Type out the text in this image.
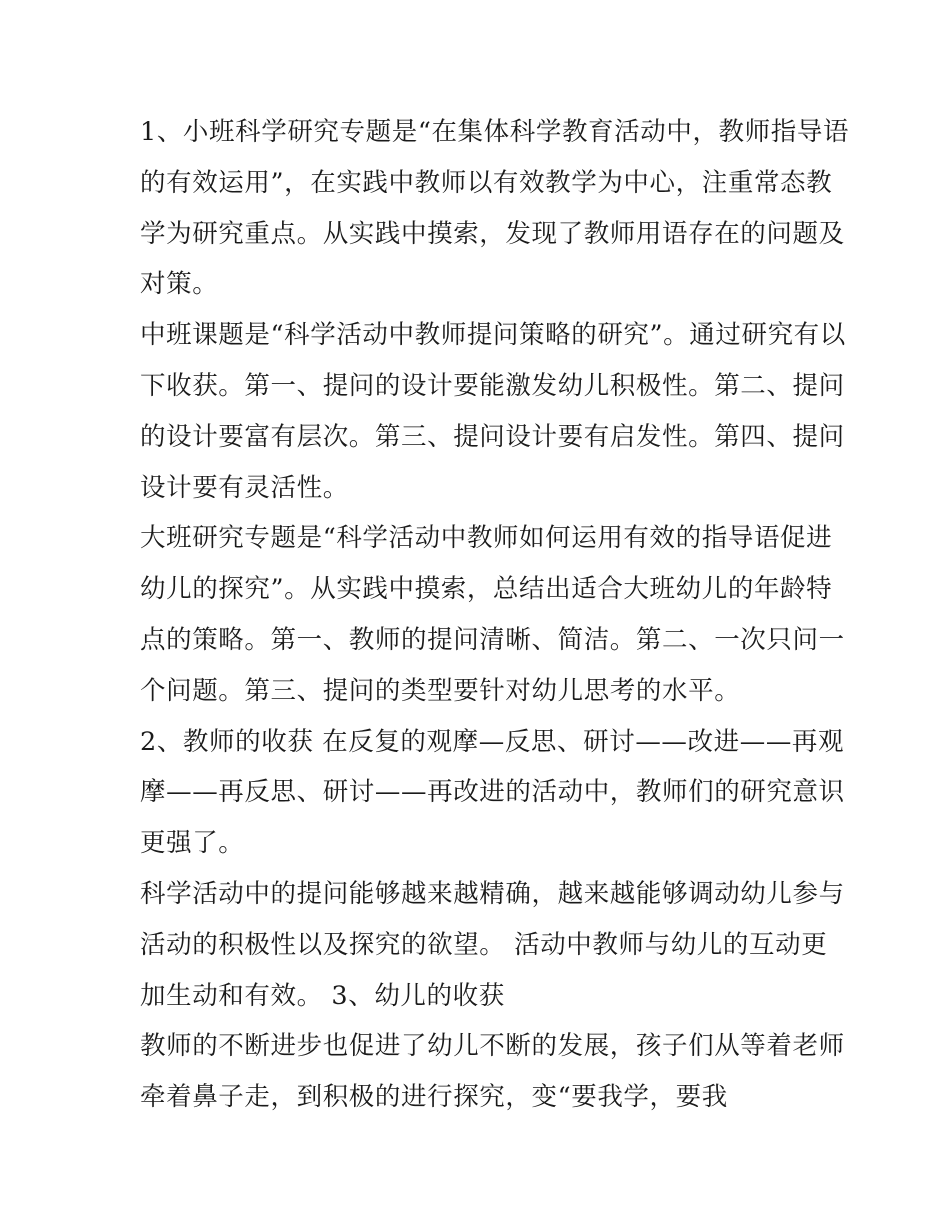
1、小班科学研究专题是“在集体科学教育活动中，教师指导语
的有效运用”，在实践中教师以有效教学为中心，注重常态教
学为研究重点。从实践中摸索，发现了教师用语存在的问题及
对策。
中班课题是“科学活动中教师提问策略的研究”。通过研究有以
下收获。第一、提问的设计要能激发幼儿积极性。第二、提问
的设计要富有层次。第三、提问设计要有启发性。第四、提问
设计要有灵活性。
大班研究专题是“科学活动中教师如何运用有效的指导语促进
幼儿的探究”。从实践中摸索，总结出适合大班幼儿的年龄特
点的策略。第一、教师的提问清晰、简洁。第二、一次只问一
个问题。第三、提问的类型要针对幼儿思考的水平。
2、教师的收获 在反复的观摩—反思、研讨——改进——再观
摩——再反思、研讨——再改进的活动中，教师们的研究意识
更强了。
科学活动中的提问能够越来越精确，越来越能够调动幼儿参与
活动的积极性以及探究的欲望。 活动中教师与幼儿的互动更
加生动和有效。 3、幼儿的收获
教师的不断进步也促进了幼儿不断的发展，孩子们从等着老师
牵着鼻子走，到积极的进行探究，变“要我学，要我
